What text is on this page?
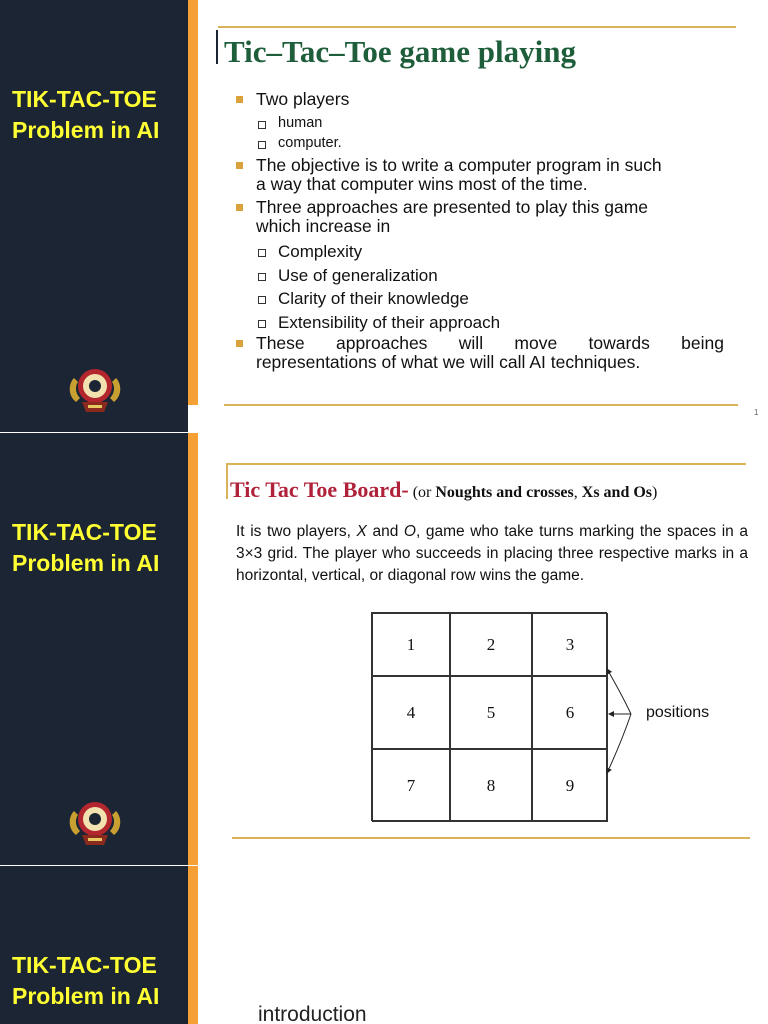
TIK-TAC-TOE
Problem in AI
Tic–Tac–Toe game playing
Two players
human
computer.
The objective is to write a computer program in such
a way that computer wins most of the time.
Three approaches are presented to play this game
which increase in
Complexity
Use of generalization
Clarity of their knowledge
Extensibility of their approach
These approaches will move towards being
representations of what we will call AI techniques.
1
TIK-TAC-TOE
Problem in AI
Tic Tac Toe Board- (or Noughts and crosses, Xs and Os)
It is two players, X and O, game who take turns marking the spaces in a 3×3 grid. The player who succeeds in placing three respective marks in a horizontal, vertical, or diagonal row wins the game.
1	2	3
4	5	6
7	8	9
positions
TIK-TAC-TOE
Problem in AI
introduction
